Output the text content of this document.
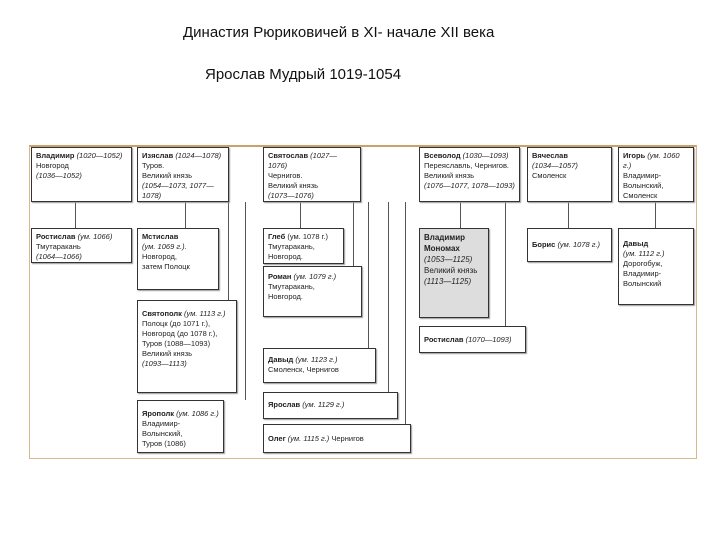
Династия Рюриковичей в XI- начале XII века
Ярослав Мудрый 1019-1054
Владимир (1020—1052)
Новгород
(1036—1052)
Изяслав (1024—1078)
Туров.
Великий князь
(1054—1073, 1077—1078)
Святослав (1027—1076)
Чернигов.
Великий князь
(1073—1076)
Всеволод (1030—1093)
Переяславль, Чернигов.
Великий князь
(1076—1077, 1078—1093)
Вячеслав
(1034—1057)
Смоленск
Игорь (ум. 1060 г.)
Владимир-
Волынский,
Смоленск
Ростислав (ум. 1066)
Тмутаракань
(1064—1066)
Мстислав
(ум. 1069 г.).
Новгород,
затем Полоцк
Глеб (ум. 1078 г.)
Тмутаракань,
Новгород.
Владимир
Мономах
(1053—1125)
Великий князь
(1113—1125)
Борис (ум. 1078 г.)	Давыд
(ум. 1112 г.)
Дорогобуж,
Владимир-
Волынский
Роман (ум. 1079 г.)
Тмутаракань,
Новгород.
Ростислав (1070—1093)
Святополк (ум. 1113 г.)
Полоцк (до 1071 г.),
Новгород (до 1078 г.),
Туров (1088—1093)
Великий князь
(1093—1113)	Давыд (ум. 1123 г.)
Смоленск, Чернигов
Ярослав (ум. 1129 г.)
Ярополк (ум. 1086 г.)
Владимир-Волынский,
Туров (1086)
Олег (ум. 1115 г.) Чернигов
